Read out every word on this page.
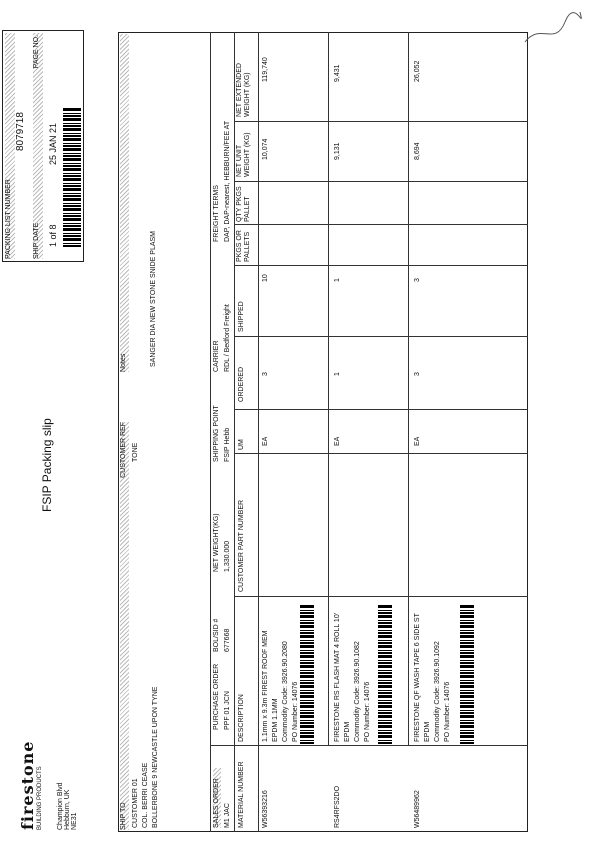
FSIP Packing slip
firestone BUILDING PRODUCTS Champion Blvd Hebburn, UK NE31
PACKING LIST NUMBER
8079718
SHIP DATE
PAGE NO.
25 JAN 21
1 of 8
SHIP TO
CUSTOMER REF
CUSTOMER 01 COL. BERRI CEASE BOLLERBONE 9 NEWCASTLE UPON TYNE
TONE
Notes	SANGER DIA NEW STONE SNIDE PLASM
SALES ORDER
PURCHASE ORDER
BOL/SID #
NET WEIGHT(KG)
SHIPPING POINT
CARRIER
FREIGHT TERMS
M1 JAC
PPF 01 JCN
677668
1,330.000
FSIP Hebb
RDL / Bedford Freight
DAP, DAP-nearest, HEBBURN/FEE AT
MATERIAL NUMBER
DESCRIPTION
CUSTOMER PART NUMBER
UM
ORDERED
SHIPPED
PKGS OR PALLETS
QTY PKGS PALLET
NET UNIT WEIGHT (KG)
NET EXTENDED WEIGHT (KG)
W56393216
1.1mm x 9.3m FIREST ROOF MEM EPDM 1.1MM Commodity Code: 3926.90.2080 PO Number: 14076
EA
3
10
10,074
119,740
RS4RFS2DO
FIRESTONE RS FLASH MAT 4 ROLL 10' EPDM Commodity Code: 3926.90.1082 PO Number: 14076
EA
1
1
9,131
9,431
W56489962
FIRESTONE QF WASH TAPE 6 SIDE ST EPDM Commodity Code: 3926.90.1092 PO Number: 14076
EA
3
3
8,694
26,052
